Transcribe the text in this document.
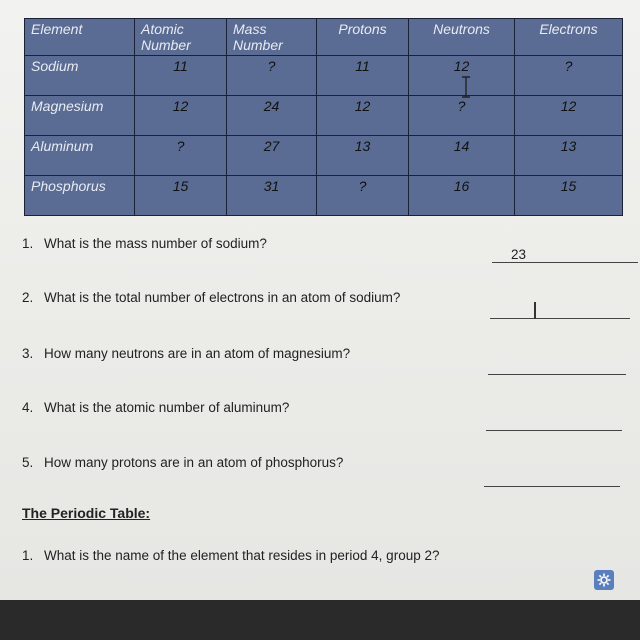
Element	Atomic Number	Mass Number	Protons	Neutrons	Electrons
Sodium	11	?	11	12	?
Magnesium	12	24	12	?	12
Aluminum	?	27	13	14	13
Phosphorus	15	31	?	16	15
1. What is the mass number of sodium?
23
2. What is the total number of electrons in an atom of sodium?
3. How many neutrons are in an atom of magnesium?
4. What is the atomic number of aluminum?
5. How many protons are in an atom of phosphorus?
The Periodic Table:
1. What is the name of the element that resides in period 4, group 2?
